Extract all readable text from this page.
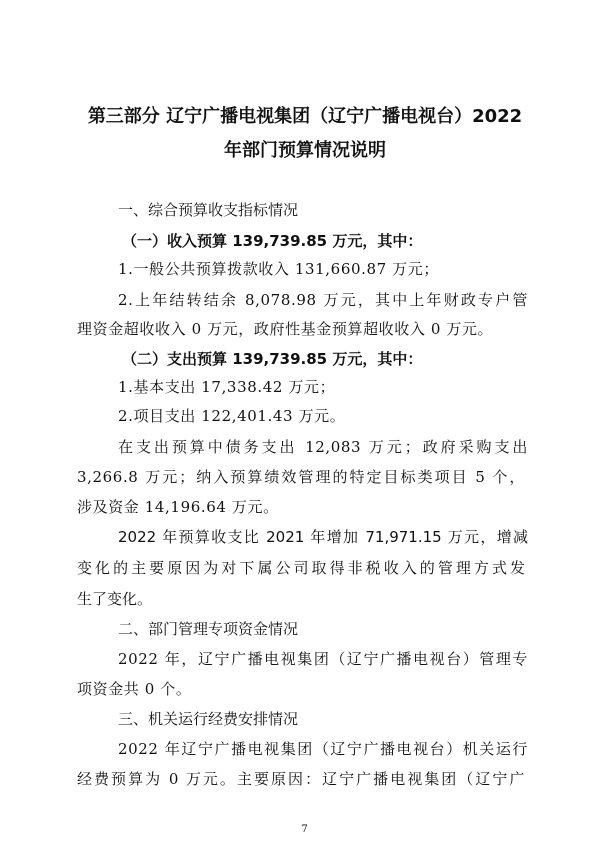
第三部分 辽宁广播电视集团（辽宁广播电视台）2022
年部门预算情况说明

一、综合预算收支指标情况

（一）收入预算 139,739.85 万元，其中：

1.一般公共预算拨款收入 131,660.87 万元；

2.上年结转结余 8,078.98 万元，其中上年财政专户管

理资金超收收入 0 万元，政府性基金预算超收收入 0 万元。

（二）支出预算 139,739.85 万元，其中：

1.基本支出 17,338.42 万元；

2.项目支出 122,401.43 万元。

在支出预算中债务支出 12,083 万元；政府采购支出

3,266.8 万元；纳入预算绩效管理的特定目标类项目 5 个，

涉及资金 14,196.64 万元。

2022 年预算收支比 2021 年增加 71,971.15 万元，增减

变化的主要原因为对下属公司取得非税收入的管理方式发

生了变化。

二、部门管理专项资金情况

2022 年，辽宁广播电视集团（辽宁广播电视台）管理专

项资金共 0 个。

三、机关运行经费安排情况

2022 年辽宁广播电视集团（辽宁广播电视台）机关运行

经费预算为 0 万元。主要原因：辽宁广播电视集团（辽宁广

7
